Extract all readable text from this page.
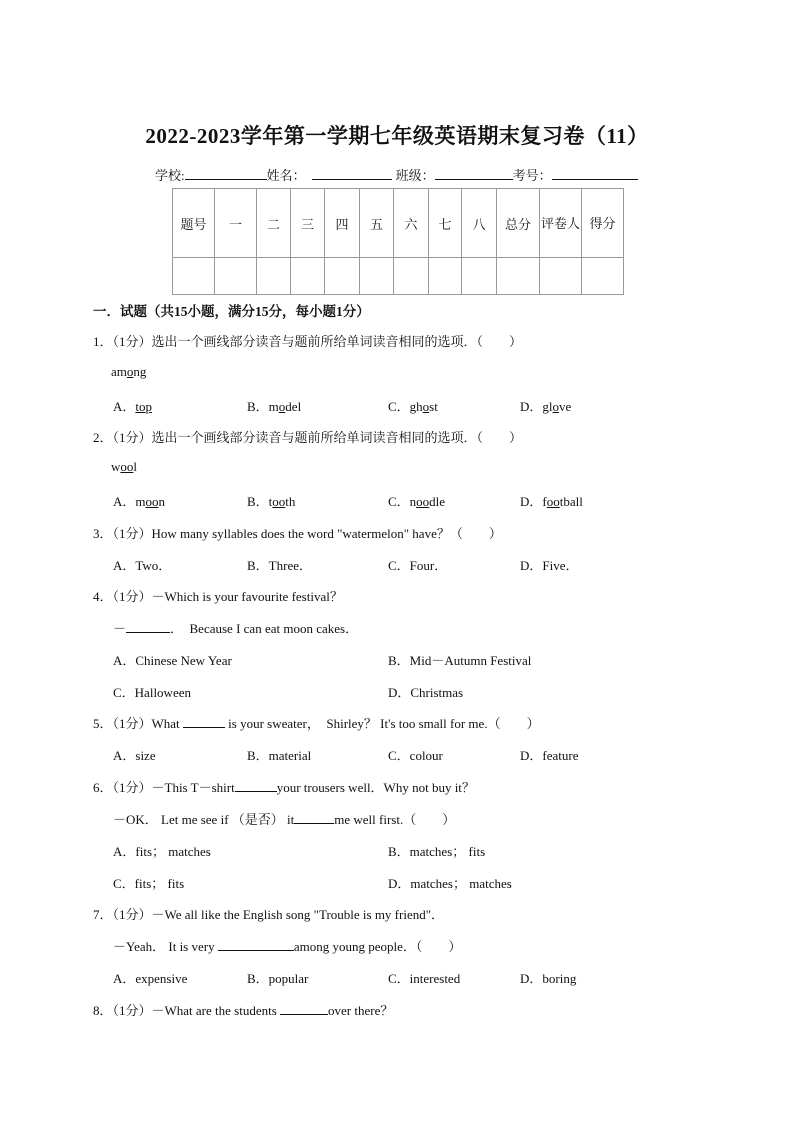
2022-2023学年第一学期七年级英语期末复习卷（11）
学校:	姓名：	班级：	考号：
题号	一	二	三	四	五	六	七	八	总分	评卷人	得分

一．试题（共15小题，满分15分，每小题1分）
1．（1分）选出一个画线部分读音与题前所给单词读音相同的选项．（　　）
among
A．top	B．model	C．ghost	D．glove
2．（1分）选出一个画线部分读音与题前所给单词读音相同的选项．（　　）
wool
A．moon	B．tooth	C．noodle	D．football
3．（1分）How many syllables does the word "watermelon" have？（　　）
A．Two．	B．Three．	C．Four．	D．Five．
4．（1分）－Which is your favourite festival？
－	．　Because I can eat moon cakes．
A．Chinese New Year	B．Mid－Autumn Festival
C．Halloween	D．Christmas
5．（1分）What	is your sweater，　Shirley？ It's too small for me.（　　）
A．size	B．material	C．colour	D．feature
6．（1分）－This T－shirt	your trousers well．Why not buy it？
－OK． Let me see if （是否） it	me well first.（　　）
A．fits； matches	B．matches； fits
C．fits； fits	D．matches； matches
7．（1分）－We all like the English song "Trouble is my friend"．
－Yeah． It is very	among young people．（　　）
A．expensive	B．popular	C．interested	D．boring
8．（1分）－What are the students	over there？
